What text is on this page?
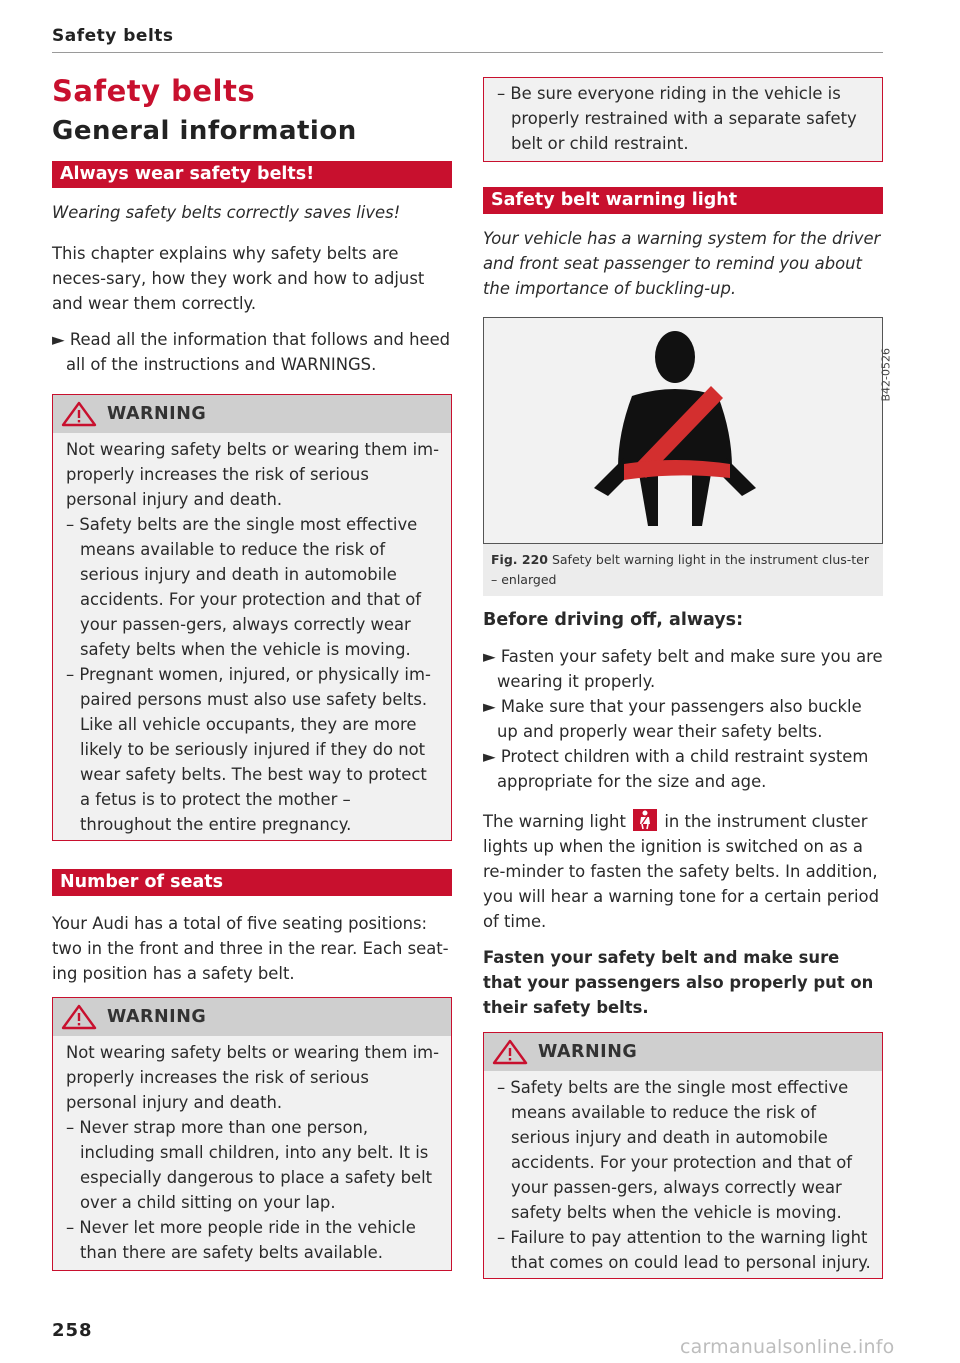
Safety belts
Safety belts
General information
Always wear safety belts!
Wearing safety belts correctly saves lives!
This chapter explains why safety belts are neces-sary, how they work and how to adjust and wear them correctly.
► Read all the information that follows and heed all of the instructions and WARNINGS.
WARNING

Not wearing safety belts or wearing them im-properly increases the risk of serious personal injury and death.

– Safety belts are the single most effective means available to reduce the risk of serious injury and death in automobile accidents. For your protection and that of your passen-gers, always correctly wear safety belts when the vehicle is moving.

– Pregnant women, injured, or physically im-paired persons must also use safety belts. Like all vehicle occupants, they are more likely to be seriously injured if they do not wear safety belts. The best way to protect a fetus is to protect the mother – throughout the entire pregnancy.

Number of seats
Your Audi has a total of five seating positions: two in the front and three in the rear. Each seat-ing position has a safety belt.
WARNING

Not wearing safety belts or wearing them im-properly increases the risk of serious personal injury and death.

– Never strap more than one person, including small children, into any belt. It is especially dangerous to place a safety belt over a child sitting on your lap.

– Never let more people ride in the vehicle than there are safety belts available.

– Be sure everyone riding in the vehicle is properly restrained with a separate safety belt or child restraint.

Safety belt warning light
Your vehicle has a warning system for the driver and front seat passenger to remind you about the importance of buckling-up.
B42-0526
Fig. 220 Safety belt warning light in the instrument clus-ter – enlarged
Before driving off, always:
► Fasten your safety belt and make sure you are wearing it properly.
► Make sure that your passengers also buckle up and properly wear their safety belts.
► Protect children with a child restraint system appropriate for the size and age.
The warning light in the instrument cluster lights up when the ignition is switched on as a re-minder to fasten the safety belts. In addition, you will hear a warning tone for a certain period of time.
Fasten your safety belt and make sure that your passengers also properly put on their safety belts.
WARNING

– Safety belts are the single most effective means available to reduce the risk of serious injury and death in automobile accidents. For your protection and that of your passen-gers, always correctly wear safety belts when the vehicle is moving.

– Failure to pay attention to the warning light that comes on could lead to personal injury.

258
carmanualsonline.info
